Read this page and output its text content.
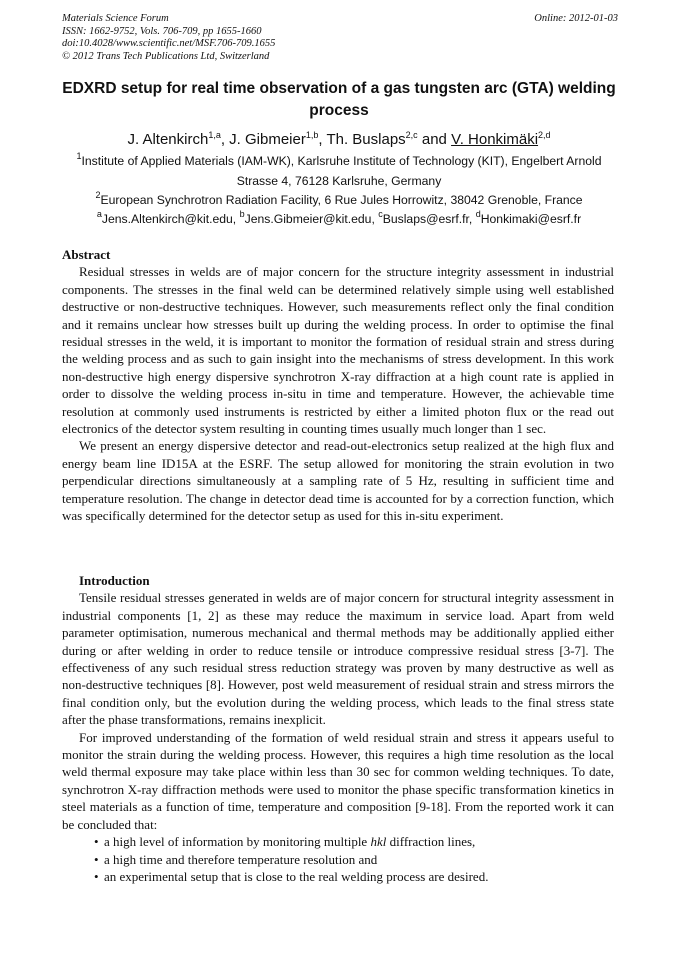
Materials Science Forum
ISSN: 1662-9752, Vols. 706-709, pp 1655-1660
doi:10.4028/www.scientific.net/MSF.706-709.1655
© 2012 Trans Tech Publications Ltd, Switzerland
Online: 2012-01-03
EDXRD setup for real time observation of a gas tungsten arc (GTA) welding process
J. Altenkirch$^{1,a}$, J. Gibmeier$^{1,b}$, Th. Buslaps$^{2,c}$ and V. Honkimäki$^{2,d}$
$^1$Institute of Applied Materials (IAM-WK), Karlsruhe Institute of Technology (KIT), Engelbert Arnold Strasse 4, 76128 Karlsruhe, Germany
$^2$European Synchrotron Radiation Facility, 6 Rue Jules Horrowitz, 38042 Grenoble, France
$^a$Jens.Altenkirch@kit.edu, $^b$Jens.Gibmeier@kit.edu, $^c$Buslaps@esrf.fr, $^d$Honkimaki@esrf.fr
Abstract

Residual stresses in welds are of major concern for the structure integrity assessment in industrial components. The stresses in the final weld can be determined relatively simple using well established destructive or non-destructive techniques. However, such measurements reflect only the final condition and it remains unclear how stresses built up during the welding process. In order to optimise the final residual stresses in the weld, it is important to monitor the formation of residual strain and stress during the welding process and as such to gain insight into the mechanisms of stress development. In this work non-destructive high energy dispersive synchrotron X-ray diffraction at a high count rate is applied in order to dissolve the welding process in-situ in time and temperature. However, the achievable time resolution at commonly used instruments is restricted by either a limited photon flux or the read out electronics of the detector system resulting in counting times usually much longer than 1 sec.

We present an energy dispersive detector and read-out-electronics setup realized at the high flux and energy beam line ID15A at the ESRF. The setup allowed for monitoring the strain evolution in two perpendicular directions simultaneously at a sampling rate of 5 Hz, resulting in sufficient time and temperature resolution. The change in detector dead time is accounted for by a correction function, which was specifically determined for the detector setup as used for this in-situ experiment.

Introduction

Tensile residual stresses generated in welds are of major concern for structural integrity assessment in industrial components [1, 2] as these may reduce the maximum in service load. Apart from weld parameter optimisation, numerous mechanical and thermal methods may be additionally applied either during or after welding in order to reduce tensile or introduce compressive residual stress [3-7]. The effectiveness of any such residual stress reduction strategy was proven by many destructive as well as non-destructive techniques [8]. However, post weld measurement of residual strain and stress mirrors the final condition only, but the evolution during the welding process, which leads to the final stress state after the phase transformations, remains inexplicit.

For improved understanding of the formation of weld residual strain and stress it appears useful to monitor the strain during the welding process. However, this requires a high time resolution as the local weld thermal exposure may take place within less than 30 sec for common welding techniques. To date, synchrotron X-ray diffraction methods were used to monitor the phase specific transformation kinetics in steel materials as a function of time, temperature and composition [9-18]. From the reported work it can be concluded that:

• a high level of information by monitoring multiple hkl diffraction lines,
• a high time and therefore temperature resolution and
• an experimental setup that is close to the real welding process are desired.
